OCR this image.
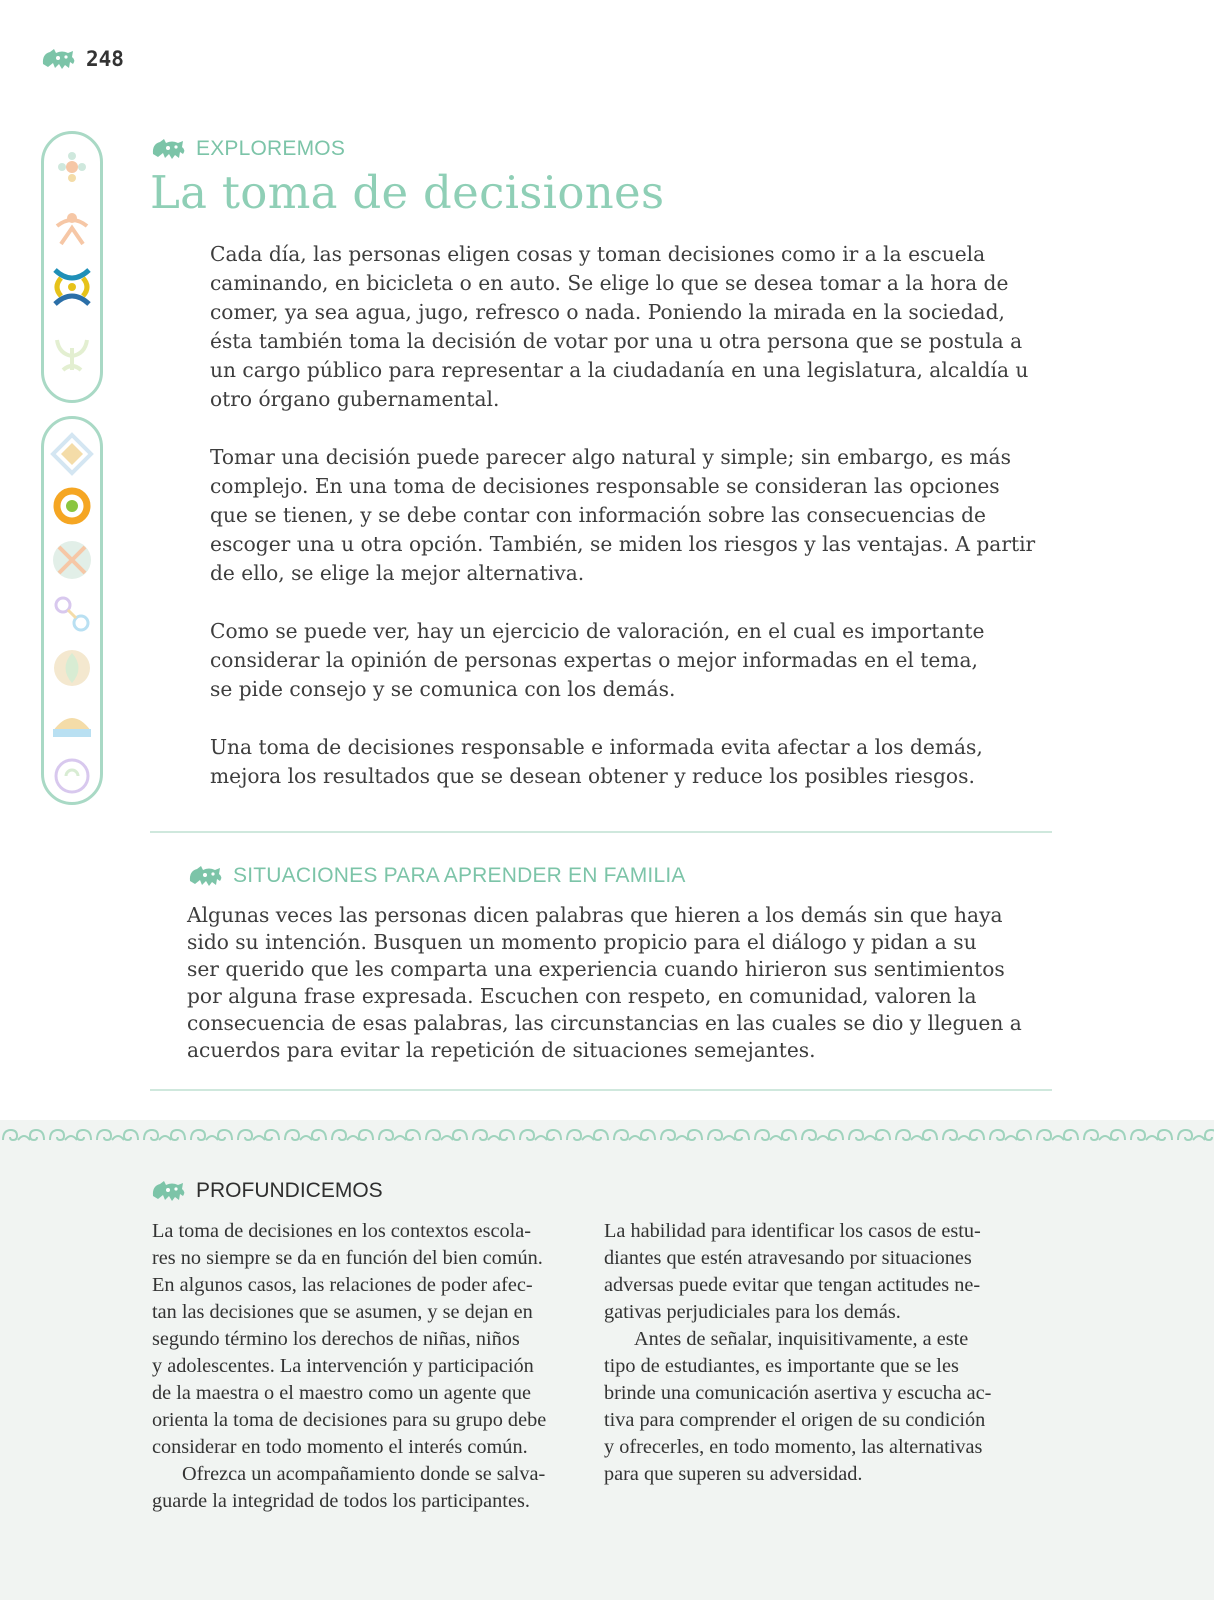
248
EXPLOREMOS
La toma de decisiones

Cada día, las personas eligen cosas y toman decisiones como ir a la escuela
caminando, en bicicleta o en auto. Se elige lo que se desea tomar a la hora de
comer, ya sea agua, jugo, refresco o nada. Poniendo la mirada en la sociedad,
ésta también toma la decisión de votar por una u otra persona que se postula a
un cargo público para representar a la ciudadanía en una legislatura, alcaldía u
otro órgano gubernamental.

Tomar una decisión puede parecer algo natural y simple; sin embargo, es más
complejo. En una toma de decisiones responsable se consideran las opciones
que se tienen, y se debe contar con información sobre las consecuencias de
escoger una u otra opción. También, se miden los riesgos y las ventajas. A partir
de ello, se elige la mejor alternativa.

Como se puede ver, hay un ejercicio de valoración, en el cual es importante
considerar la opinión de personas expertas o mejor informadas en el tema,
se pide consejo y se comunica con los demás.

Una toma de decisiones responsable e informada evita afectar a los demás,
mejora los resultados que se desean obtener y reduce los posibles riesgos.

SITUACIONES PARA APRENDER EN FAMILIA

Algunas veces las personas dicen palabras que hieren a los demás sin que haya
sido su intención. Busquen un momento propicio para el diálogo y pidan a su
ser querido que les comparta una experiencia cuando hirieron sus sentimientos
por alguna frase expresada. Escuchen con respeto, en comunidad, valoren la
consecuencia de esas palabras, las circunstancias en las cuales se dio y lleguen a
acuerdos para evitar la repetición de situaciones semejantes.

PROFUNDICEMOS

La toma de decisiones en los contextos escola-
res no siempre se da en función del bien común.
En algunos casos, las relaciones de poder afec-
tan las decisiones que se asumen, y se dejan en
segundo término los derechos de niñas, niños
y adolescentes. La intervención y participación
de la maestra o el maestro como un agente que
orienta la toma de decisiones para su grupo debe
considerar en todo momento el interés común.

Ofrezca un acompañamiento donde se salva-
guarde la integridad de todos los participantes.

La habilidad para identificar los casos de estu-
diantes que estén atravesando por situaciones
adversas puede evitar que tengan actitudes ne-
gativas perjudiciales para los demás.

Antes de señalar, inquisitivamente, a este
tipo de estudiantes, es importante que se les
brinde una comunicación asertiva y escucha ac-
tiva para comprender el origen de su condición
y ofrecerles, en todo momento, las alternativas
para que superen su adversidad.
